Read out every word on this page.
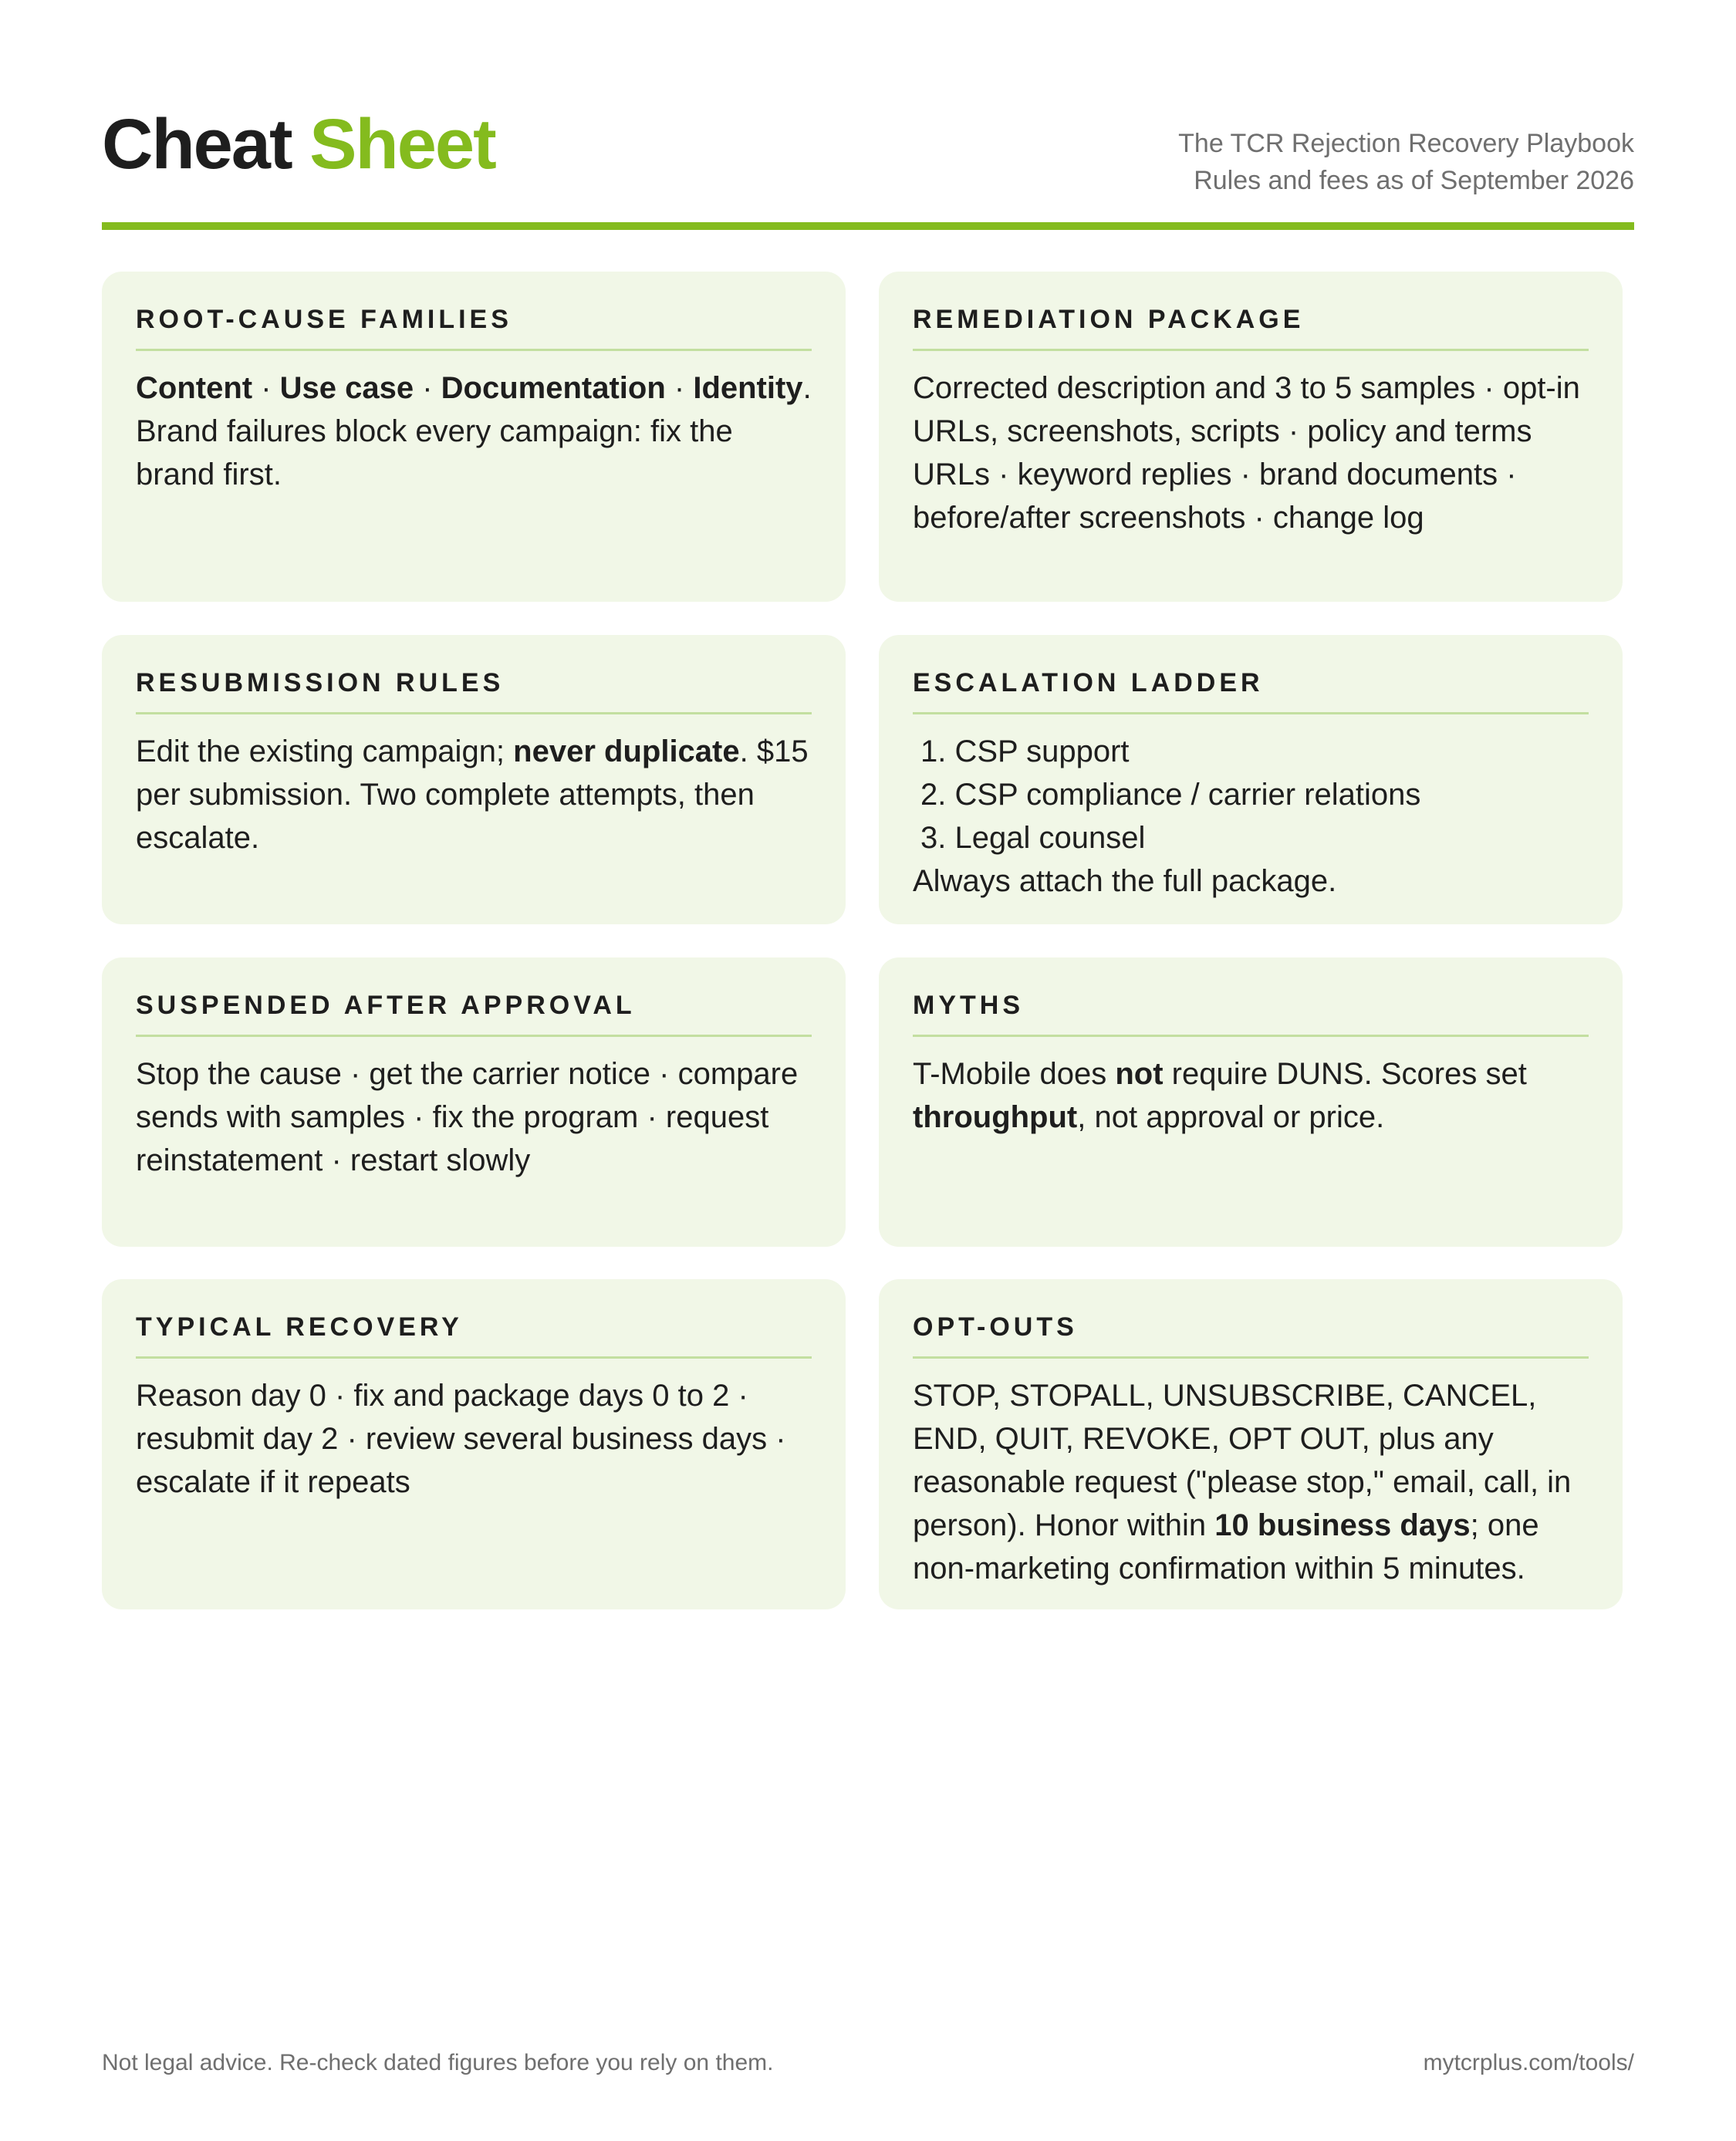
Cheat Sheet	The TCR Rejection Recovery Playbook
Rules and fees as of September 2026
ROOT-CAUSE FAMILIES
Content · Use case · Documentation · Identity. Brand failures block every campaign: fix the brand first.
REMEDIATION PACKAGE
Corrected description and 3 to 5 samples · opt-in URLs, screenshots, scripts · policy and terms URLs · keyword replies · brand documents · before/after screenshots · change log
RESUBMISSION RULES
Edit the existing campaign; never duplicate. $15 per submission. Two complete attempts, then escalate.
ESCALATION LADDER
1. CSP support
2. CSP compliance / carrier relations
3. Legal counsel
Always attach the full package.
SUSPENDED AFTER APPROVAL
Stop the cause · get the carrier notice · compare sends with samples · fix the program · request reinstatement · restart slowly
MYTHS
T-Mobile does not require DUNS. Scores set throughput, not approval or price.
TYPICAL RECOVERY
Reason day 0 · fix and package days 0 to 2 · resubmit day 2 · review several business days · escalate if it repeats
OPT-OUTS
STOP, STOPALL, UNSUBSCRIBE, CANCEL, END, QUIT, REVOKE, OPT OUT, plus any reasonable request ("please stop," email, call, in person). Honor within 10 business days; one non-marketing confirmation within 5 minutes.
Not legal advice. Re-check dated figures before you rely on them.	mytcrplus.com/tools/
